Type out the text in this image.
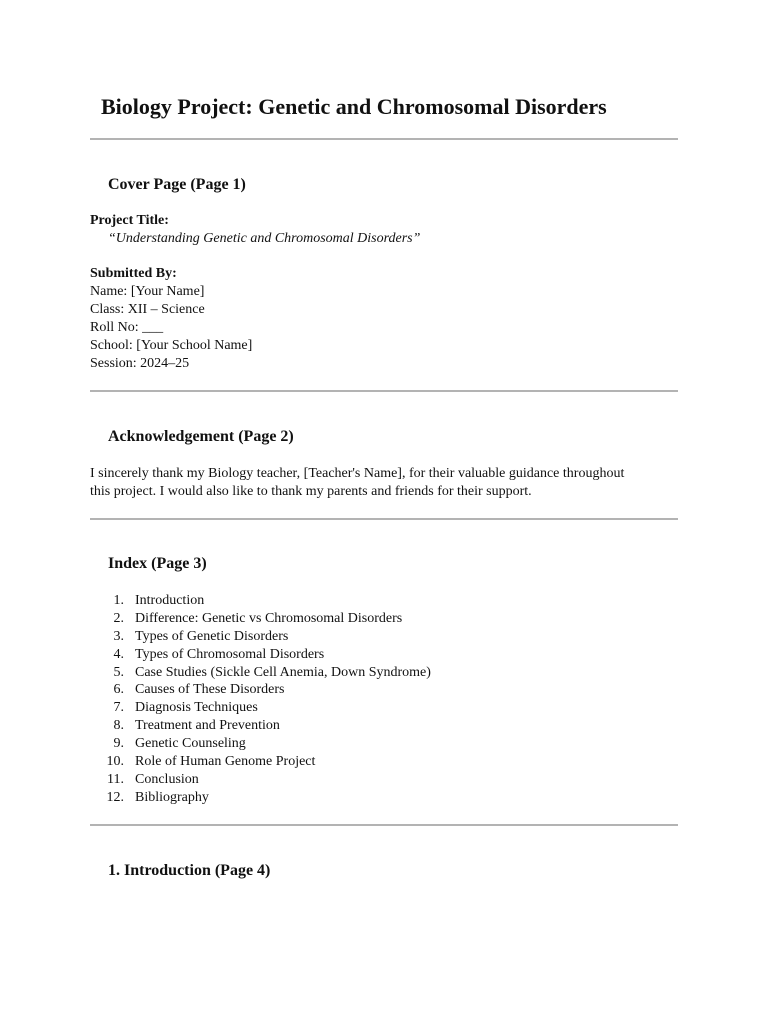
Biology Project: Genetic and Chromosomal Disorders
Cover Page (Page 1)

Project Title:

“Understanding Genetic and Chromosomal Disorders”

Submitted By:

Name: [Your Name]

Class: XII – Science

Roll No: ___

School: [Your School Name]

Session: 2024–25

Acknowledgement (Page 2)

I sincerely thank my Biology teacher, [Teacher's Name], for their valuable guidance throughout

this project. I would also like to thank my parents and friends for their support.

Index (Page 3)
1. Introduction
2. Difference: Genetic vs Chromosomal Disorders
3. Types of Genetic Disorders
4. Types of Chromosomal Disorders
5. Case Studies (Sickle Cell Anemia, Down Syndrome)
6. Causes of These Disorders
7. Diagnosis Techniques
8. Treatment and Prevention
9. Genetic Counseling
10. Role of Human Genome Project
11. Conclusion
12. Bibliography
1. Introduction (Page 4)
